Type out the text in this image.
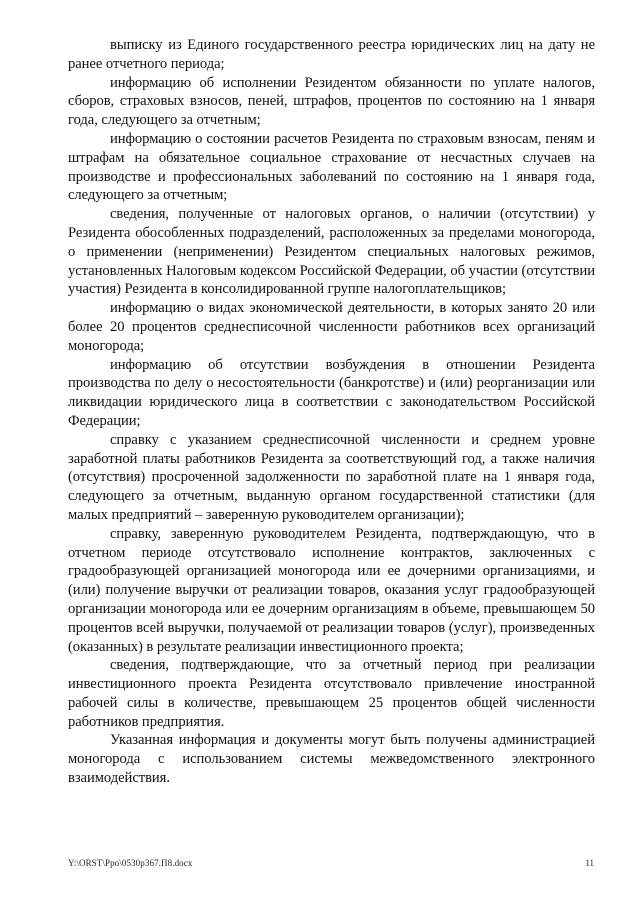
выписку из Единого государственного реестра юридических лиц на дату не ранее отчетного периода;

информацию об исполнении Резидентом обязанности по уплате налогов, сборов, страховых взносов, пеней, штрафов, процентов по состоянию на 1 января года, следующего за отчетным;

информацию о состоянии расчетов Резидента по страховым взносам, пеням и штрафам на обязательное социальное страхование от несчастных случаев на производстве и профессиональных заболеваний по состоянию на 1 января года, следующего за отчетным;

сведения, полученные от налоговых органов, о наличии (отсутствии) у Резидента обособленных подразделений, расположенных за пределами моногорода, о применении (неприменении) Резидентом специальных налоговых режимов, установленных Налоговым кодексом Российской Федерации, об участии (отсутствии участия) Резидента в консолидированной группе налогоплательщиков;

информацию о видах экономической деятельности, в которых занято 20 или более 20 процентов среднесписочной численности работников всех организаций моногорода;

информацию об отсутствии возбуждения в отношении Резидента производства по делу о несостоятельности (банкротстве) и (или) реорганизации или ликвидации юридического лица в соответствии с законодательством Российской Федерации;

справку с указанием среднесписочной численности и среднем уровне заработной платы работников Резидента за соответствующий год, а также наличия (отсутствия) просроченной задолженности по заработной плате на 1 января года, следующего за отчетным, выданную органом государственной статистики (для малых предприятий – заверенную руководителем организации);

справку, заверенную руководителем Резидента, подтверждающую, что в отчетном периоде отсутствовало исполнение контрактов, заключенных с градообразующей организацией моногорода или ее дочерними организациями, и (или) получение выручки от реализации товаров, оказания услуг градообразующей организации моногорода или ее дочерним организациям в объеме, превышающем 50 процентов всей выручки, получаемой от реализации товаров (услуг), произведенных (оказанных) в результате реализации инвестиционного проекта;

сведения, подтверждающие, что за отчетный период при реализации инвестиционного проекта Резидента отсутствовало привлечение иностранной рабочей силы в количестве, превышающем 25 процентов общей численности работников предприятия.

Указанная информация и документы могут быть получены администрацией моногорода с использованием системы межведомственного электронного взаимодействия.

Y:\ORST\Ppo\0530p367.П8.docx	11
